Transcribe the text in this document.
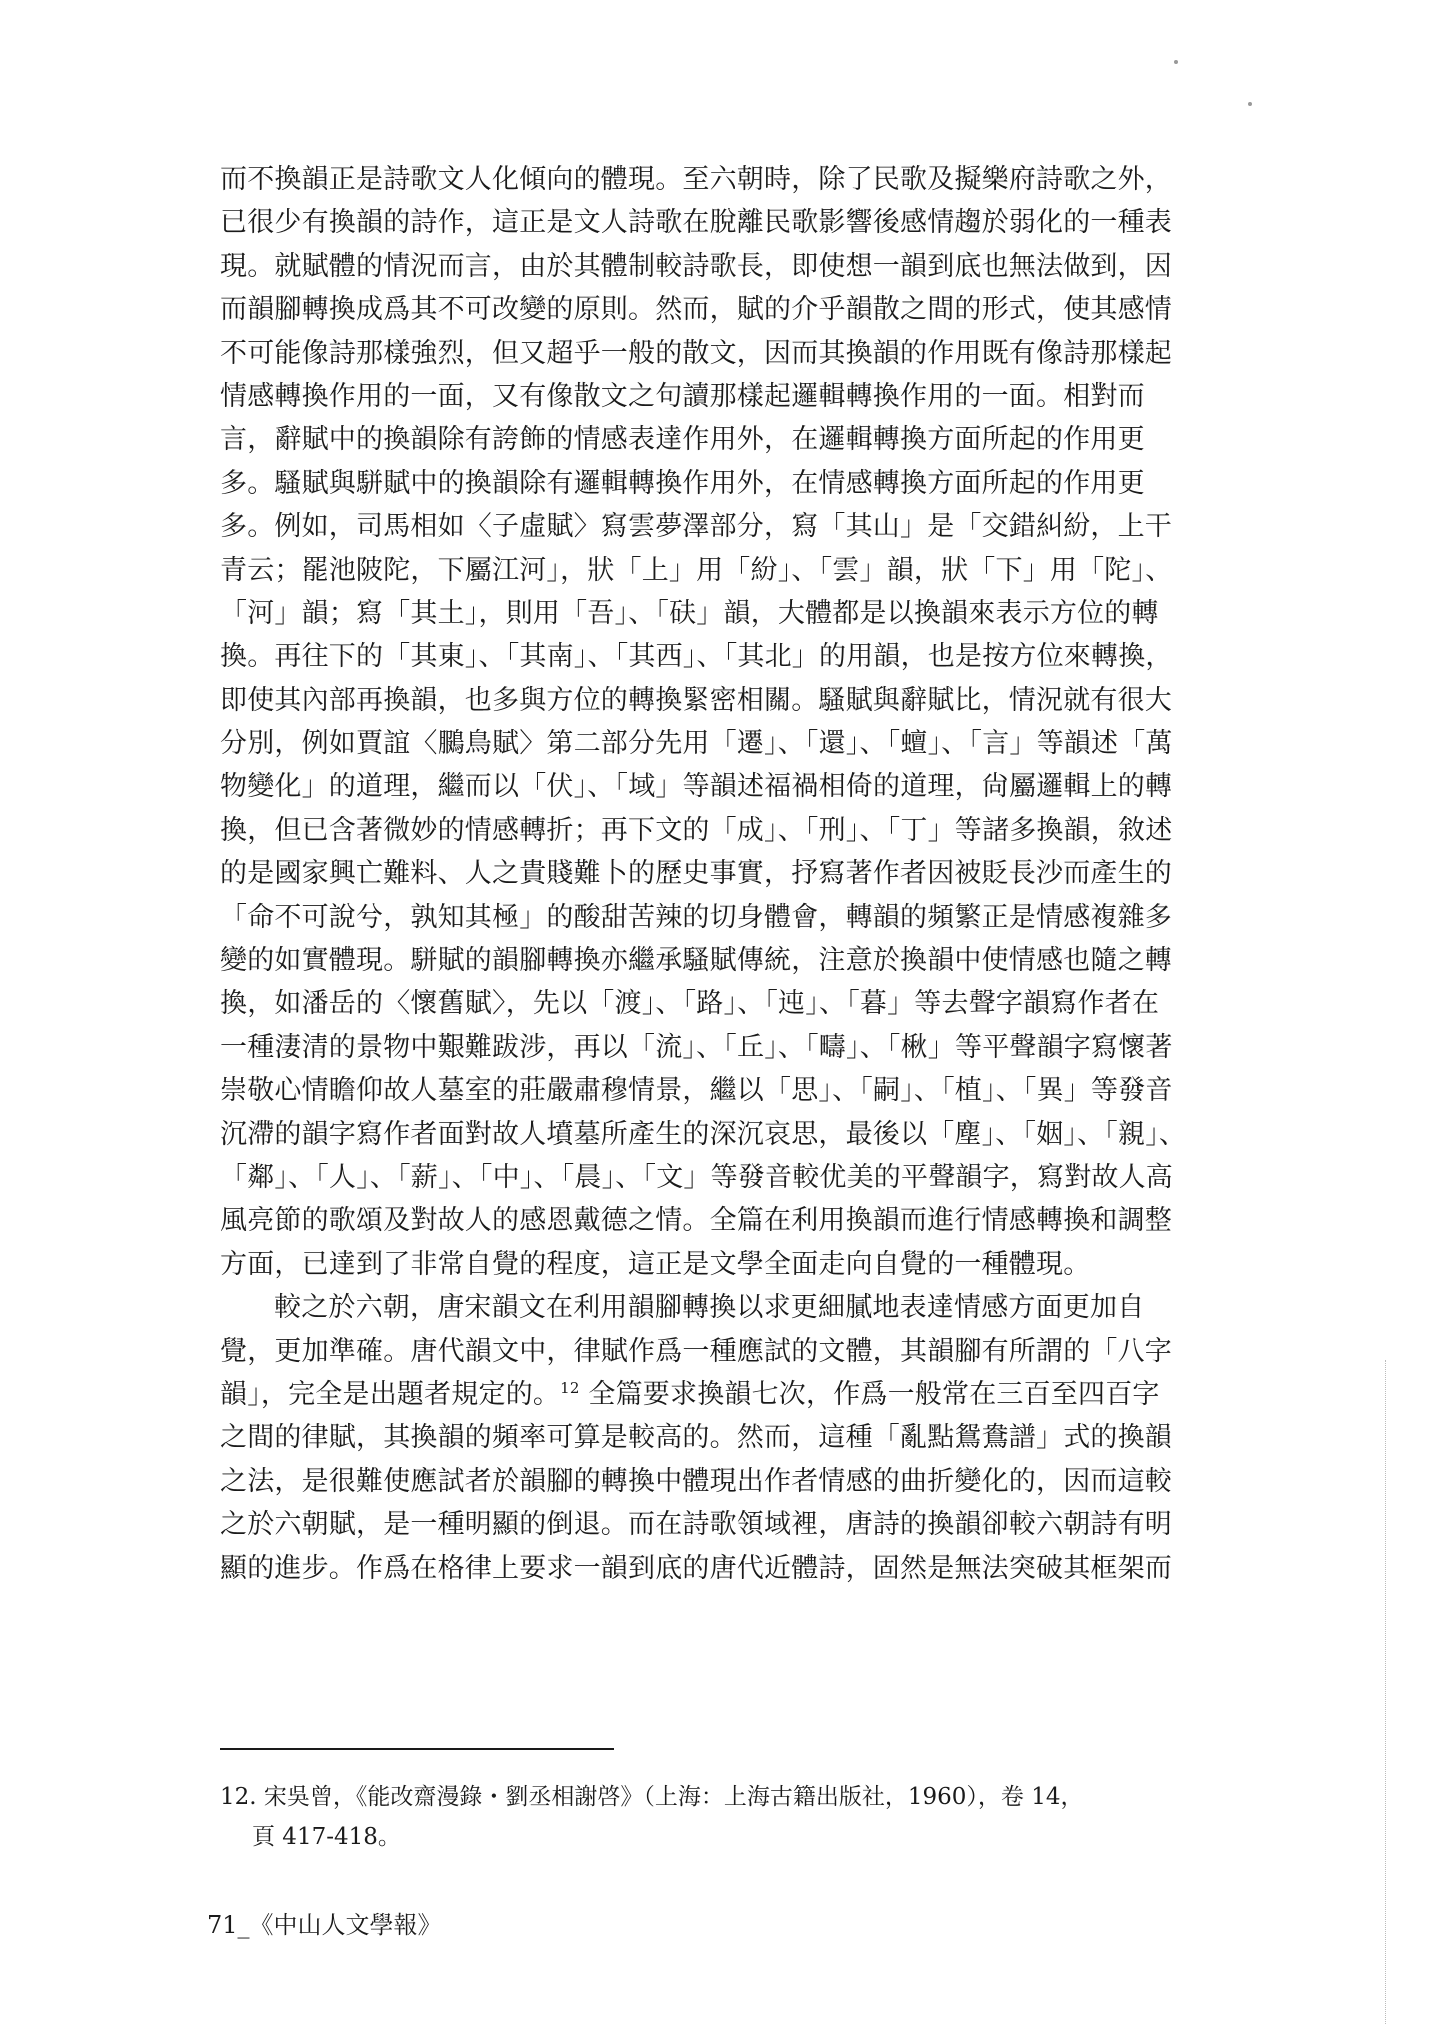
而不換韻正是詩歌文人化傾向的體現。至六朝時，除了民歌及擬樂府詩歌之外，
已很少有換韻的詩作，這正是文人詩歌在脫離民歌影響後感情趨於弱化的一種表
現。就賦體的情況而言，由於其體制較詩歌長，即使想一韻到底也無法做到，因
而韻腳轉換成爲其不可改變的原則。然而，賦的介乎韻散之間的形式，使其感情
不可能像詩那樣強烈，但又超乎一般的散文，因而其換韻的作用既有像詩那樣起
情感轉換作用的一面，又有像散文之句讀那樣起邏輯轉換作用的一面。相對而
言，辭賦中的換韻除有誇飾的情感表達作用外，在邏輯轉換方面所起的作用更
多。騷賦與駢賦中的換韻除有邏輯轉換作用外，在情感轉換方面所起的作用更
多。例如，司馬相如〈子虛賦〉寫雲夢澤部分，寫「其山」是「交錯糾紛，上干
青云；罷池陂陀，下屬江河」，狀「上」用「紛」、「雲」韻，狀「下」用「陀」、
「河」韻；寫「其土」，則用「吾」、「砆」韻，大體都是以換韻來表示方位的轉
換。再往下的「其東」、「其南」、「其西」、「其北」的用韻，也是按方位來轉換，
即使其內部再換韻，也多與方位的轉換緊密相關。騷賦與辭賦比，情況就有很大
分別，例如賈誼〈鵩鳥賦〉第二部分先用「遷」、「還」、「蟺」、「言」等韻述「萬
物變化」的道理，繼而以「伏」、「域」等韻述福禍相倚的道理，尙屬邏輯上的轉
換，但已含著微妙的情感轉折；再下文的「成」、「刑」、「丁」等諸多換韻，敘述
的是國家興亡難料、人之貴賤難卜的歷史事實，抒寫著作者因被貶長沙而產生的
「命不可說兮，孰知其極」的酸甜苦辣的切身體會，轉韻的頻繁正是情感複雜多
變的如實體現。駢賦的韻腳轉換亦繼承騷賦傳統，注意於換韻中使情感也隨之轉
換，如潘岳的〈懷舊賦〉，先以「渡」、「路」、「迍」、「暮」等去聲字韻寫作者在
一種淒清的景物中艱難跋涉，再以「流」、「丘」、「疇」、「楸」等平聲韻字寫懷著
崇敬心情瞻仰故人墓室的莊嚴肅穆情景，繼以「思」、「嗣」、「植」、「異」等發音
沉滯的韻字寫作者面對故人墳墓所產生的深沉哀思，最後以「塵」、「姻」、「親」、
「鄰」、「人」、「薪」、「中」、「晨」、「文」等發音較优美的平聲韻字，寫對故人高
風亮節的歌頌及對故人的感恩戴德之情。全篇在利用換韻而進行情感轉換和調整
方面，已達到了非常自覺的程度，這正是文學全面走向自覺的一種體現。
較之於六朝，唐宋韻文在利用韻腳轉換以求更細膩地表達情感方面更加自
覺，更加準確。唐代韻文中，律賦作爲一種應試的文體，其韻腳有所謂的「八字
韻」，完全是出題者規定的。$^{12}$ 全篇要求換韻七次，作爲一般常在三百至四百字
之間的律賦，其換韻的頻率可算是較高的。然而，這種「亂點鴛鴦譜」式的換韻
之法，是很難使應試者於韻腳的轉換中體現出作者情感的曲折變化的，因而這較
之於六朝賦，是一種明顯的倒退。而在詩歌領域裡，唐詩的換韻卻較六朝詩有明
顯的進步。作爲在格律上要求一韻到底的唐代近體詩，固然是無法突破其框架而
12. 宋吳曾，《能改齋漫錄・劉丞相謝啓》（上海：上海古籍出版社，1960），卷 14，
頁 417-418。
71_《中山人文學報》
